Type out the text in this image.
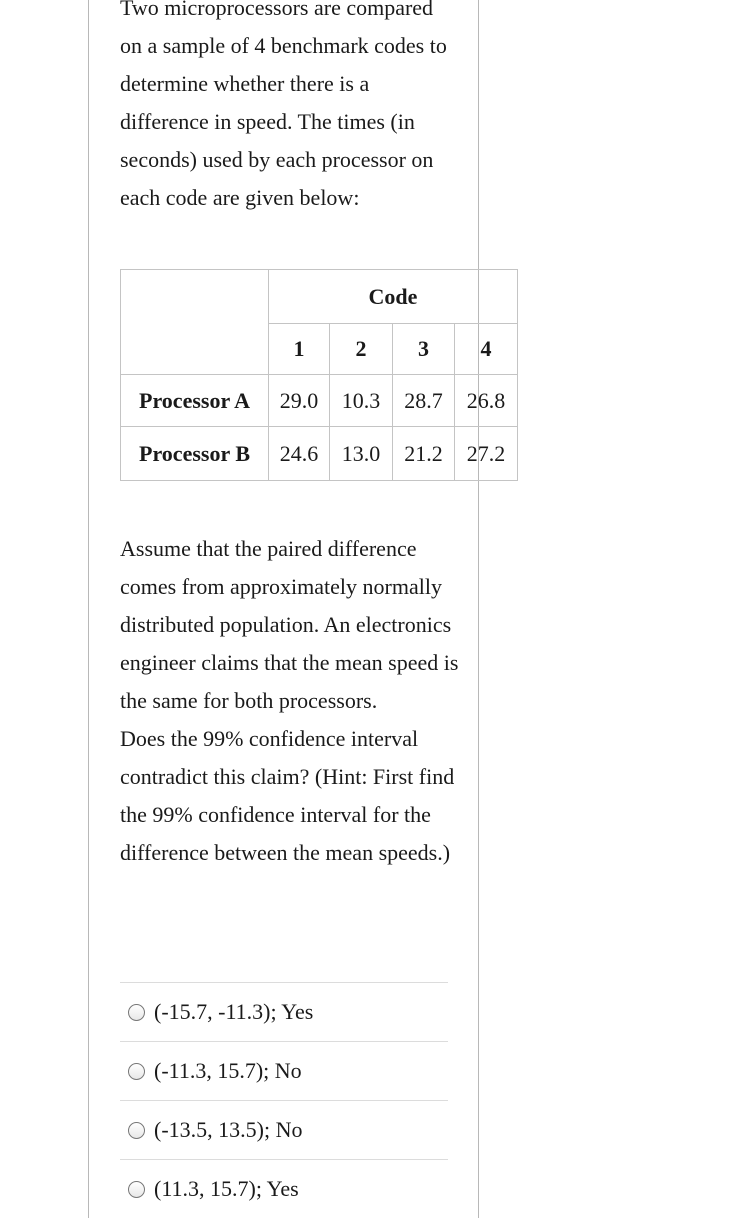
Two microprocessors are compared on a sample of 4 benchmark codes to determine whether there is a difference in speed. The times (in seconds) used by each processor on each code are given below:

	Code			
	1	2	3	4
Processor A	29.0	10.3	28.7	26.8
Processor B	24.6	13.0	21.2	27.2

Assume that the paired difference comes from approximately normally distributed population. An electronics engineer claims that the mean speed is the same for both processors.

Does the 99% confidence interval contradict this claim? (Hint: First find the 99% confidence interval for the difference between the mean speeds.)

(-15.7, -11.3); Yes
(-11.3, 15.7); No
(-13.5, 13.5); No
(11.3, 15.7); Yes
